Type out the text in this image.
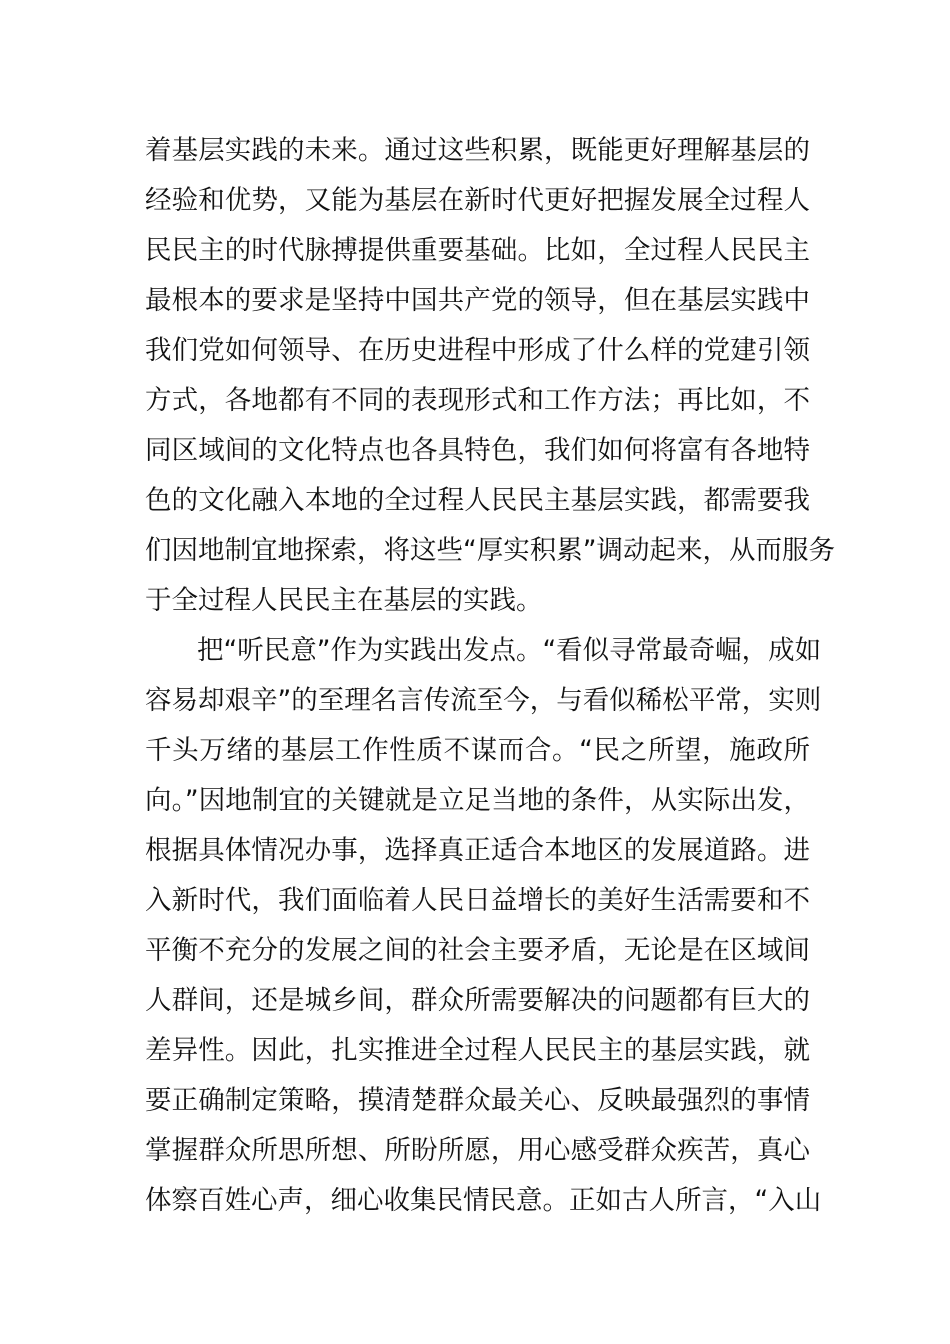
着基层实践的未来。通过这些积累，既能更好理解基层的
经验和优势，又能为基层在新时代更好把握发展全过程人
民民主的时代脉搏提供重要基础。比如，全过程人民民主
最根本的要求是坚持中国共产党的领导，但在基层实践中
我们党如何领导、在历史进程中形成了什么样的党建引领
方式，各地都有不同的表现形式和工作方法；再比如，不
同区域间的文化特点也各具特色，我们如何将富有各地特
色的文化融入本地的全过程人民民主基层实践，都需要我
们因地制宜地探索，将这些“厚实积累”调动起来，从而服务
于全过程人民民主在基层的实践。
把“听民意”作为实践出发点。“看似寻常最奇崛，成如
容易却艰辛”的至理名言传流至今，与看似稀松平常，实则
千头万绪的基层工作性质不谋而合。“民之所望，施政所
向。”因地制宜的关键就是立足当地的条件，从实际出发，
根据具体情况办事，选择真正适合本地区的发展道路。进
入新时代，我们面临着人民日益增长的美好生活需要和不
平衡不充分的发展之间的社会主要矛盾，无论是在区域间
人群间，还是城乡间，群众所需要解决的问题都有巨大的
差异性。因此，扎实推进全过程人民民主的基层实践，就
要正确制定策略，摸清楚群众最关心、反映最强烈的事情
掌握群众所思所想、所盼所愿，用心感受群众疾苦，真心
体察百姓心声，细心收集民情民意。正如古人所言，“入山
